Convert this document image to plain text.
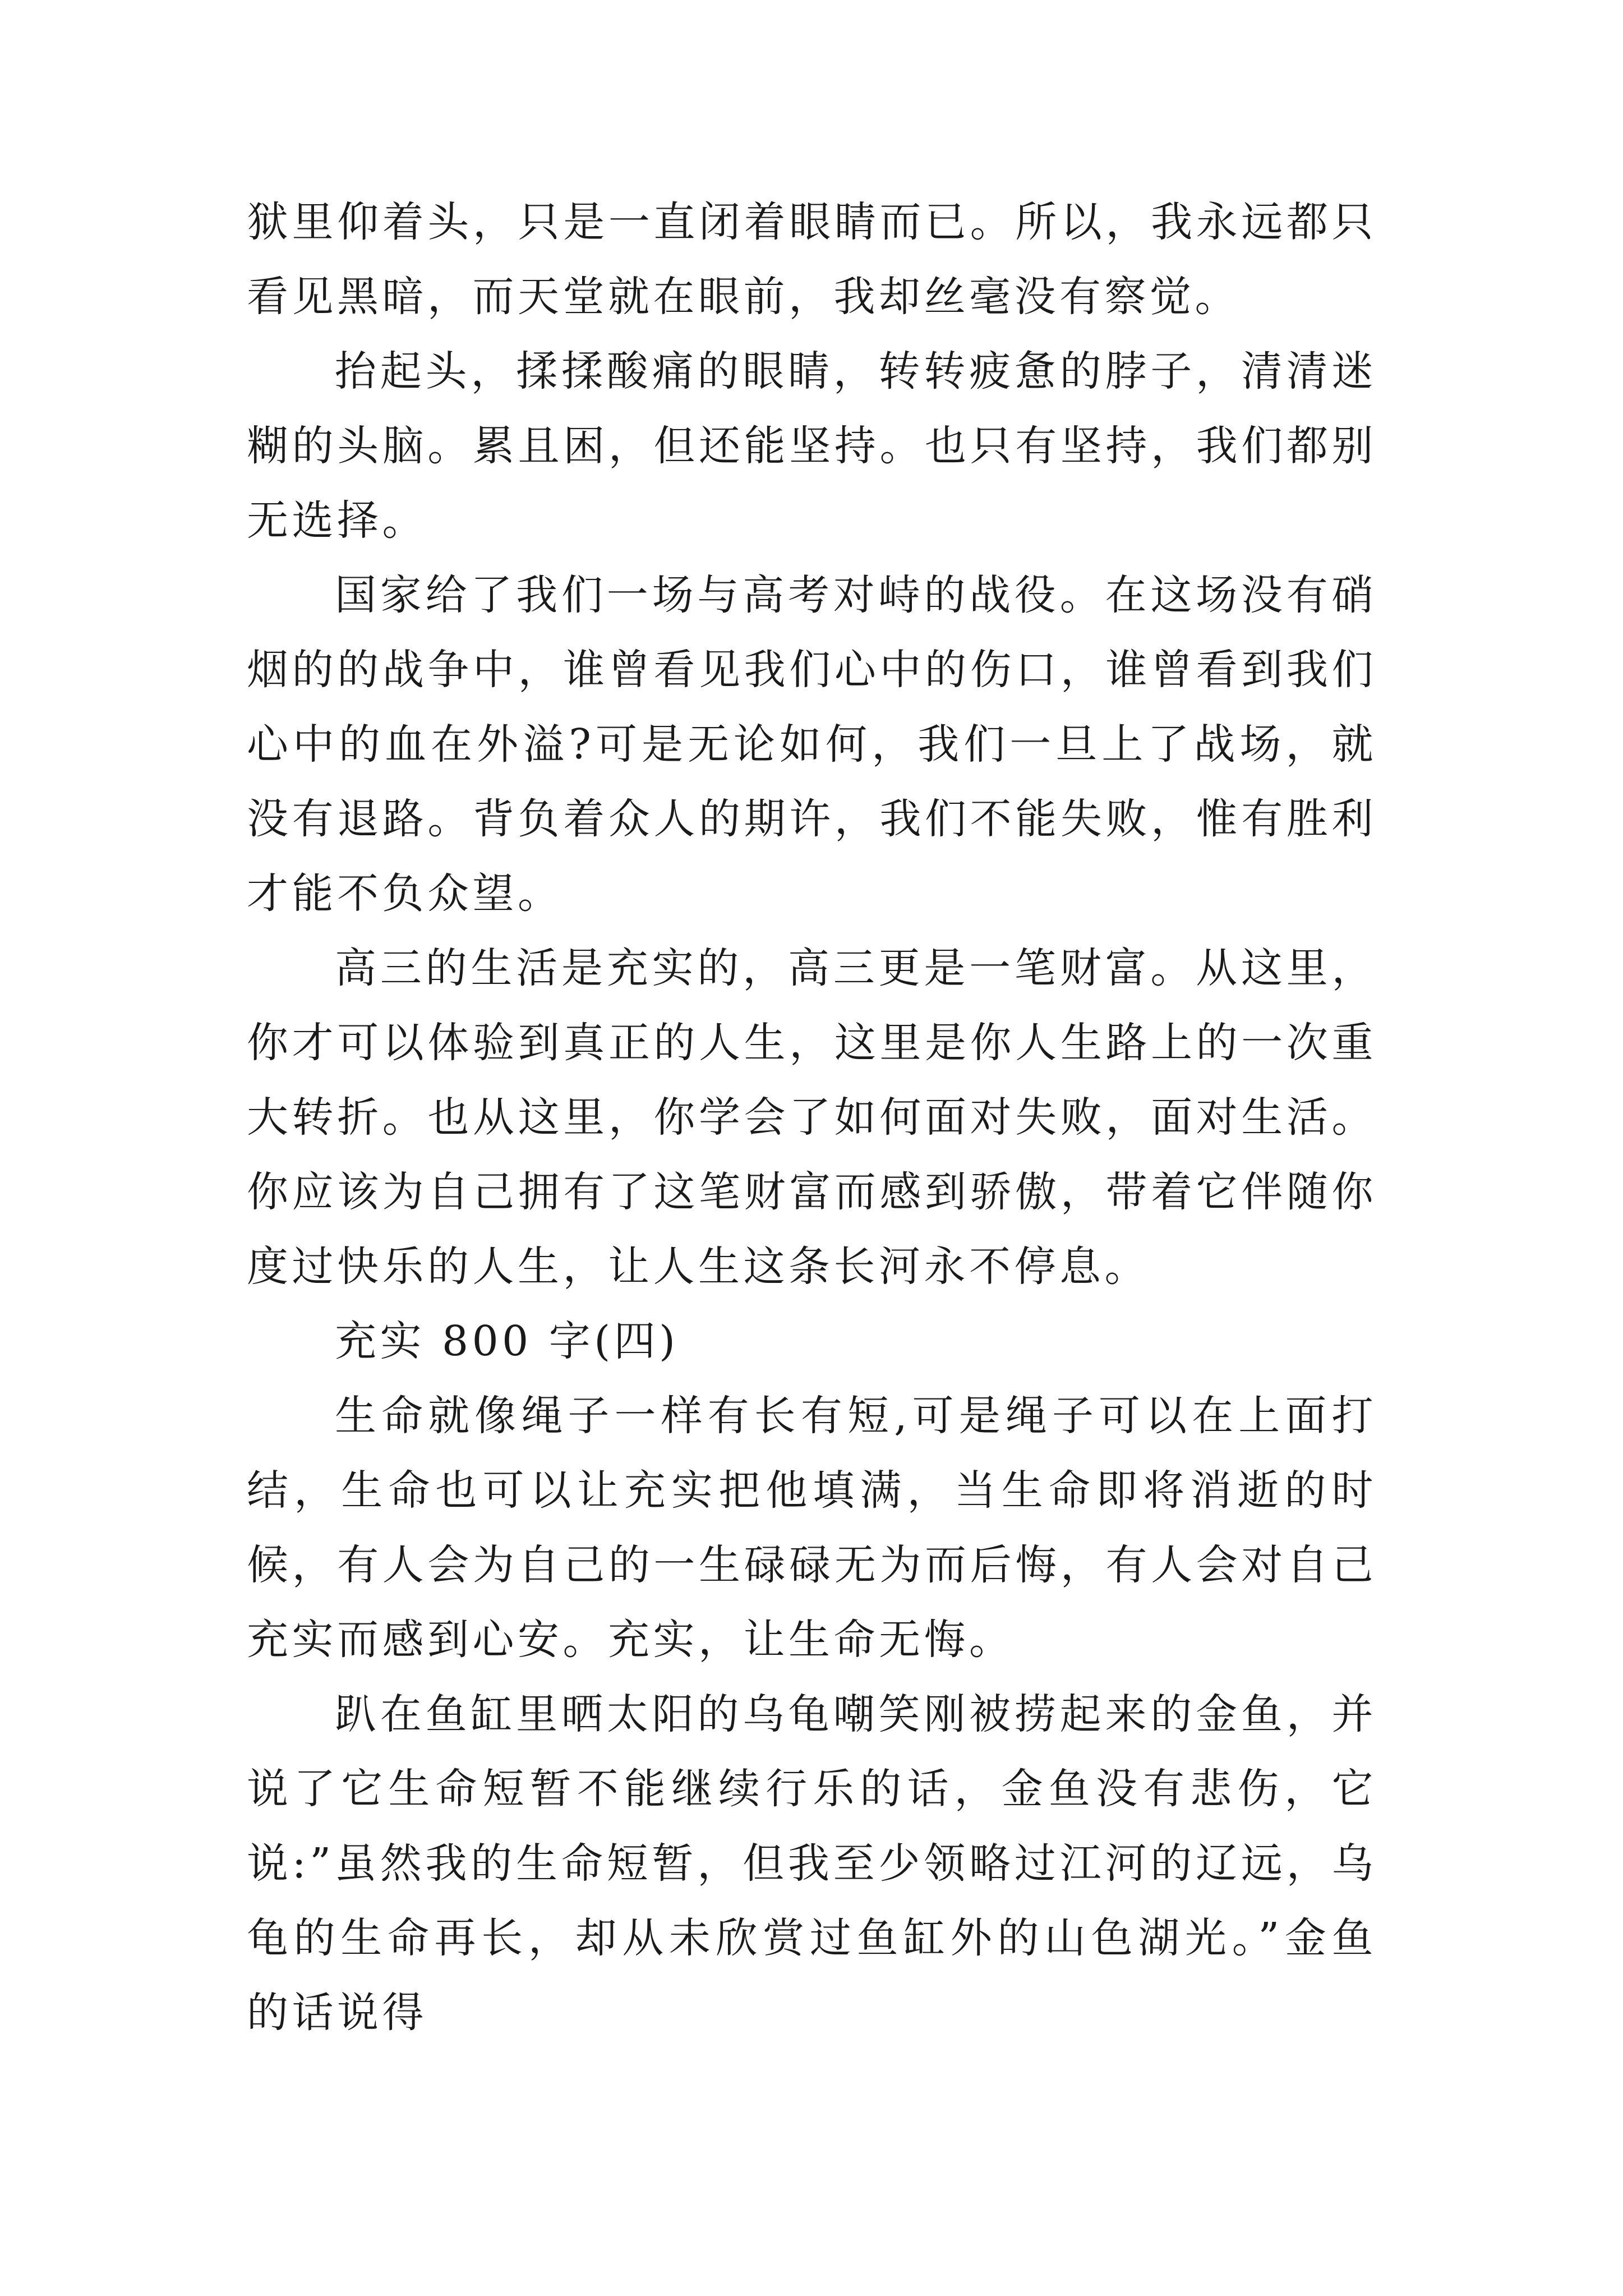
狱里仰着头，只是一直闭着眼睛而已。所以，我永远都只看见黑暗，而天堂就在眼前，我却丝毫没有察觉。

抬起头，揉揉酸痛的眼睛，转转疲惫的脖子，清清迷糊的头脑。累且困，但还能坚持。也只有坚持，我们都别无选择。

国家给了我们一场与高考对峙的战役。在这场没有硝烟的的战争中，谁曾看见我们心中的伤口，谁曾看到我们心中的血在外溢?可是无论如何，我们一旦上了战场，就没有退路。背负着众人的期许，我们不能失败，惟有胜利才能不负众望。

高三的生活是充实的，高三更是一笔财富。从这里，你才可以体验到真正的人生，这里是你人生路上的一次重大转折。也从这里，你学会了如何面对失败，面对生活。你应该为自己拥有了这笔财富而感到骄傲，带着它伴随你度过快乐的人生，让人生这条长河永不停息。

充实 800 字(四)

生命就像绳子一样有长有短,可是绳子可以在上面打结，生命也可以让充实把他填满，当生命即将消逝的时候，有人会为自己的一生碌碌无为而后悔，有人会对自己充实而感到心安。充实，让生命无悔。

趴在鱼缸里晒太阳的乌龟嘲笑刚被捞起来的金鱼，并说了它生命短暂不能继续行乐的话，金鱼没有悲伤，它说:”虽然我的生命短暂，但我至少领略过江河的辽远，乌龟的生命再长，却从未欣赏过鱼缸外的山色湖光。”金鱼的话说得
